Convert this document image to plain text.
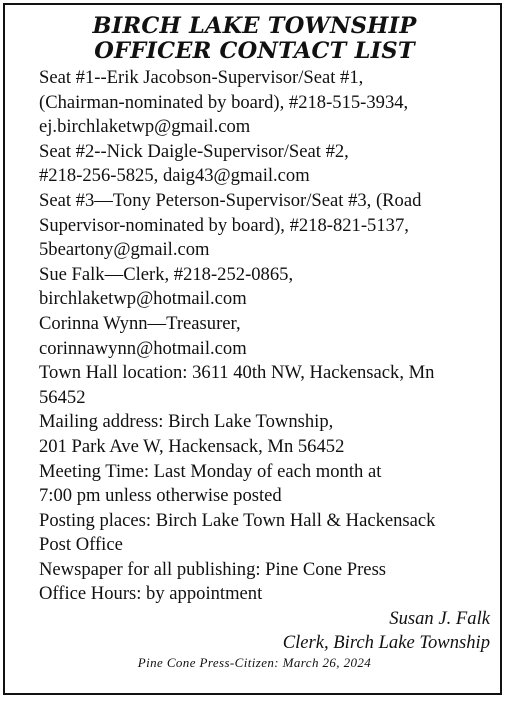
BIRCH LAKE TOWNSHIP
OFFICER CONTACT LIST

Seat #1--Erik Jacobson-Supervisor/Seat #1,
(Chairman-nominated by board), #218-515-3934,
ej.birchlaketwp@gmail.com

Seat #2--Nick Daigle-Supervisor/Seat #2,
#218-256-5825, daig43@gmail.com

Seat #3—Tony Peterson-Supervisor/Seat #3, (Road
Supervisor-nominated by board), #218-821-5137,
5beartony@gmail.com

Sue Falk—Clerk, #218-252-0865,
birchlaketwp@hotmail.com

Corinna Wynn—Treasurer,
corinnawynn@hotmail.com

Town Hall location: 3611 40th NW, Hackensack, Mn
56452

Mailing address: Birch Lake Township,
201 Park Ave W, Hackensack, Mn 56452

Meeting Time: Last Monday of each month at
7:00 pm unless otherwise posted

Posting places: Birch Lake Town Hall & Hackensack
Post Office

Newspaper for all publishing: Pine Cone Press

Office Hours: by appointment

Susan J. Falk

Clerk, Birch Lake Township

Pine Cone Press-Citizen: March 26, 2024
